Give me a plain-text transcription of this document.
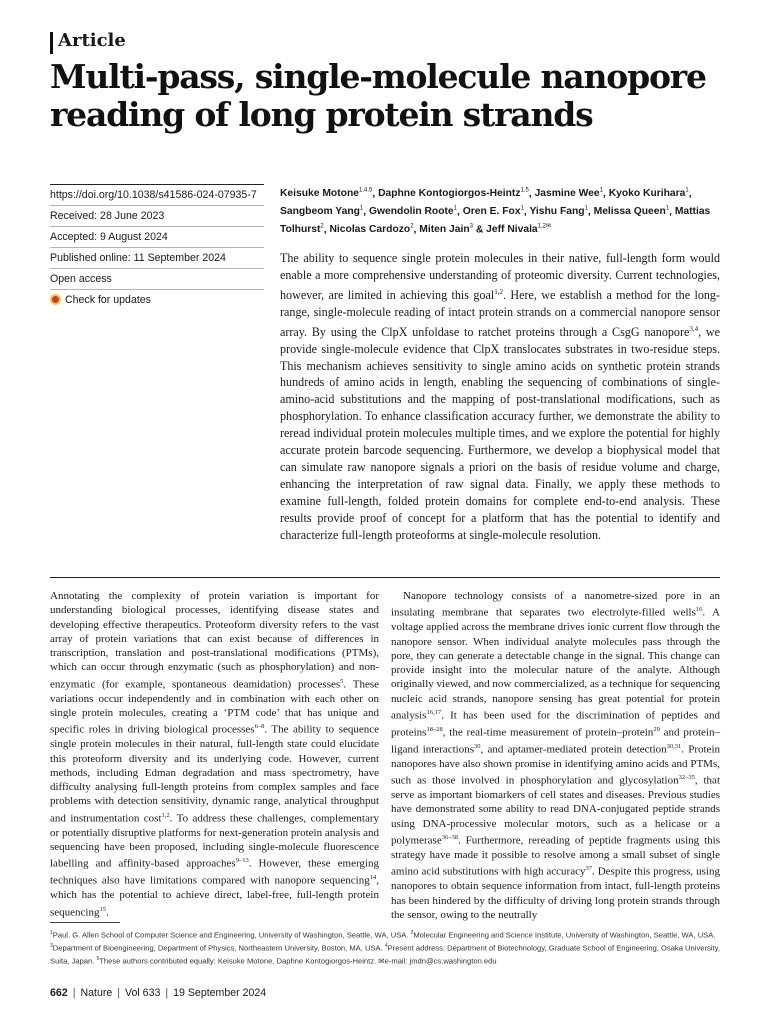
Article
Multi-pass, single-molecule nanopore reading of long protein strands
https://doi.org/10.1038/s41586-024-07935-7
Received: 28 June 2023
Accepted: 9 August 2024
Published online: 11 September 2024
Open access
Check for updates
Keisuke Motone$^{1,4,5}$, Daphne Kontogiorgos-Heintz$^{1,5}$, Jasmine Wee$^1$, Kyoko Kurihara$^1$, Sangbeom Yang$^1$, Gwendolin Roote$^1$, Oren E. Fox$^1$, Yishu Fang$^1$, Melissa Queen$^1$, Mattias Tolhurst$^2$, Nicolas Cardozo$^2$, Miten Jain$^3$ & Jeff Nivala$^{1,2✉}$
The ability to sequence single protein molecules in their native, full-length form would enable a more comprehensive understanding of proteomic diversity. Current technologies, however, are limited in achieving this goal$^{1,2}$. Here, we establish a method for the long-range, single-molecule reading of intact protein strands on a commercial nanopore sensor array. By using the ClpX unfoldase to ratchet proteins through a CsgG nanopore$^{3,4}$, we provide single-molecule evidence that ClpX translocates substrates in two-residue steps. This mechanism achieves sensitivity to single amino acids on synthetic protein strands hundreds of amino acids in length, enabling the sequencing of combinations of single-amino-acid substitutions and the mapping of post-translational modifications, such as phosphorylation. To enhance classification accuracy further, we demonstrate the ability to reread individual protein molecules multiple times, and we explore the potential for highly accurate protein barcode sequencing. Furthermore, we develop a biophysical model that can simulate raw nanopore signals a priori on the basis of residue volume and charge, enhancing the interpretation of raw signal data. Finally, we apply these methods to examine full-length, folded protein domains for complete end-to-end analysis. These results provide proof of concept for a platform that has the potential to identify and characterize full-length proteoforms at single-molecule resolution.

Annotating the complexity of protein variation is important for understanding biological processes, identifying disease states and developing effective therapeutics. Proteoform diversity refers to the vast array of protein variations that can exist because of differences in transcription, translation and post-translational modifications (PTMs), which can occur through enzymatic (such as phosphorylation) and non-enzymatic (for example, spontaneous deamidation) processes$^5$. These variations occur independently and in combination with each other on single protein molecules, creating a ‘PTM code’ that has unique and specific roles in driving biological processes$^{6-8}$. The ability to sequence single protein molecules in their natural, full-length state could elucidate this proteoform diversity and its underlying code. However, current methods, including Edman degradation and mass spectrometry, have difficulty analysing full-length proteins from complex samples and face problems with detection sensitivity, dynamic range, analytical throughput and instrumentation cost$^{1,2}$. To address these challenges, complementary or potentially disruptive platforms for next-generation protein analysis and sequencing have been proposed, including single-molecule fluorescence labelling and affinity-based approaches$^{9-13}$. However, these emerging techniques also have limitations compared with nanopore sequencing$^{14}$, which has the potential to achieve direct, label-free, full-length protein sequencing$^{15}$.

Nanopore technology consists of a nanometre-sized pore in an insulating membrane that separates two electrolyte-filled wells$^{16}$. A voltage applied across the membrane drives ionic current flow through the nanopore sensor. When individual analyte molecules pass through the pore, they can generate a detectable change in the signal. This change can provide insight into the molecular nature of the analyte. Although originally viewed, and now commercialized, as a technique for sequencing nucleic acid strands, nanopore sensing has great potential for protein analysis$^{16,17}$. It has been used for the discrimination of peptides and proteins$^{18-28}$, the real-time measurement of protein–protein$^{29}$ and protein–ligand interactions$^{30}$, and aptamer-mediated protein detection$^{30,31}$. Protein nanopores have also shown promise in identifying amino acids and PTMs, such as those involved in phosphorylation and glycosylation$^{32-35}$, that serve as important biomarkers of cell states and diseases. Previous studies have demonstrated some ability to read DNA-conjugated peptide strands using DNA-processive molecular motors, such as a helicase or a polymerase$^{36-38}$. Furthermore, rereading of peptide fragments using this strategy have made it possible to resolve among a small subset of single amino acid substitutions with high accuracy$^{37}$. Despite this progress, using nanopores to obtain sequence information from intact, full-length proteins has been hindered by the difficulty of driving long protein strands through the sensor, owing to the neutrally

$^1$Paul. G. Allen School of Computer Science and Engineering, University of Washington, Seattle, WA, USA. $^2$Molecular Engineering and Science Institute, University of Washington, Seattle, WA, USA. $^3$Department of Bioengineering, Department of Physics, Northeastern University, Boston, MA, USA. $^4$Present address: Department of Biotechnology, Graduate School of Engineering, Osaka University, Suita, Japan. $^5$These authors contributed equally: Keisuke Motone, Daphne Kontogiorgos-Heintz. ✉e-mail: jmdn@cs.washington.edu
662 | Nature | Vol 633 | 19 September 2024
